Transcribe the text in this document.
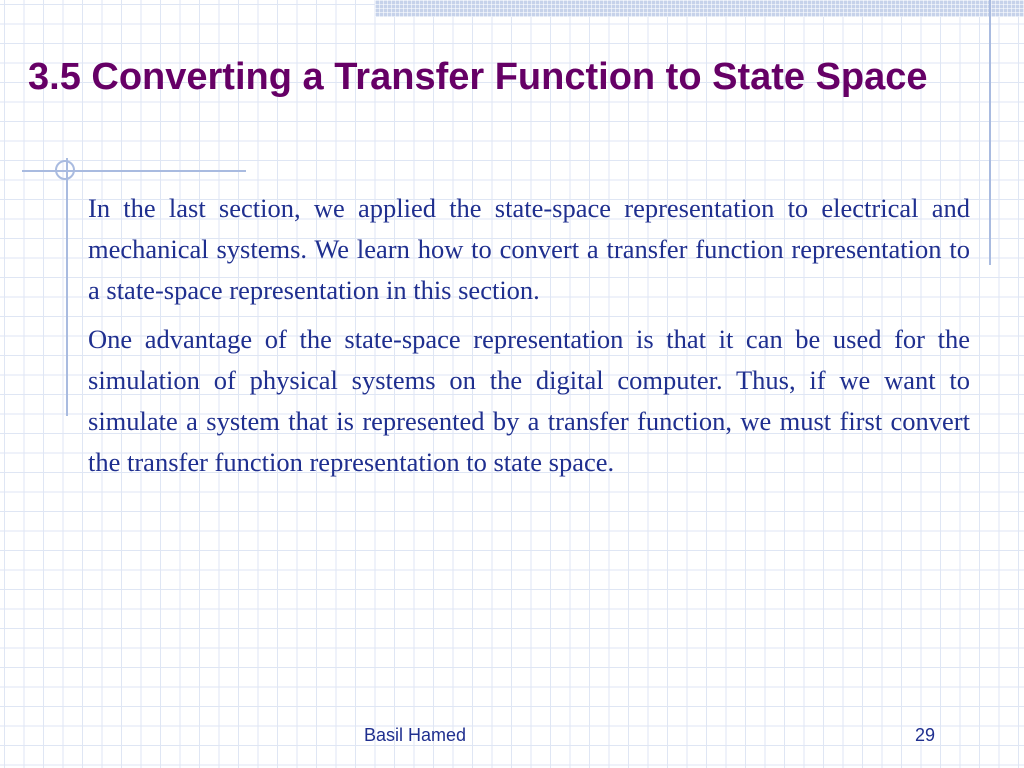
3.5 Converting a Transfer Function to State Space

In the last section, we applied the state-space representation to electrical and mechanical systems. We learn how to convert a transfer function representation to a state-space representation in this section.

One advantage of the state-space representation is that it can be used for the simulation of physical systems on the digital computer. Thus, if we want to simulate a system that is represented by a transfer function, we must first convert the transfer function representation to state space.

Basil Hamed	29
